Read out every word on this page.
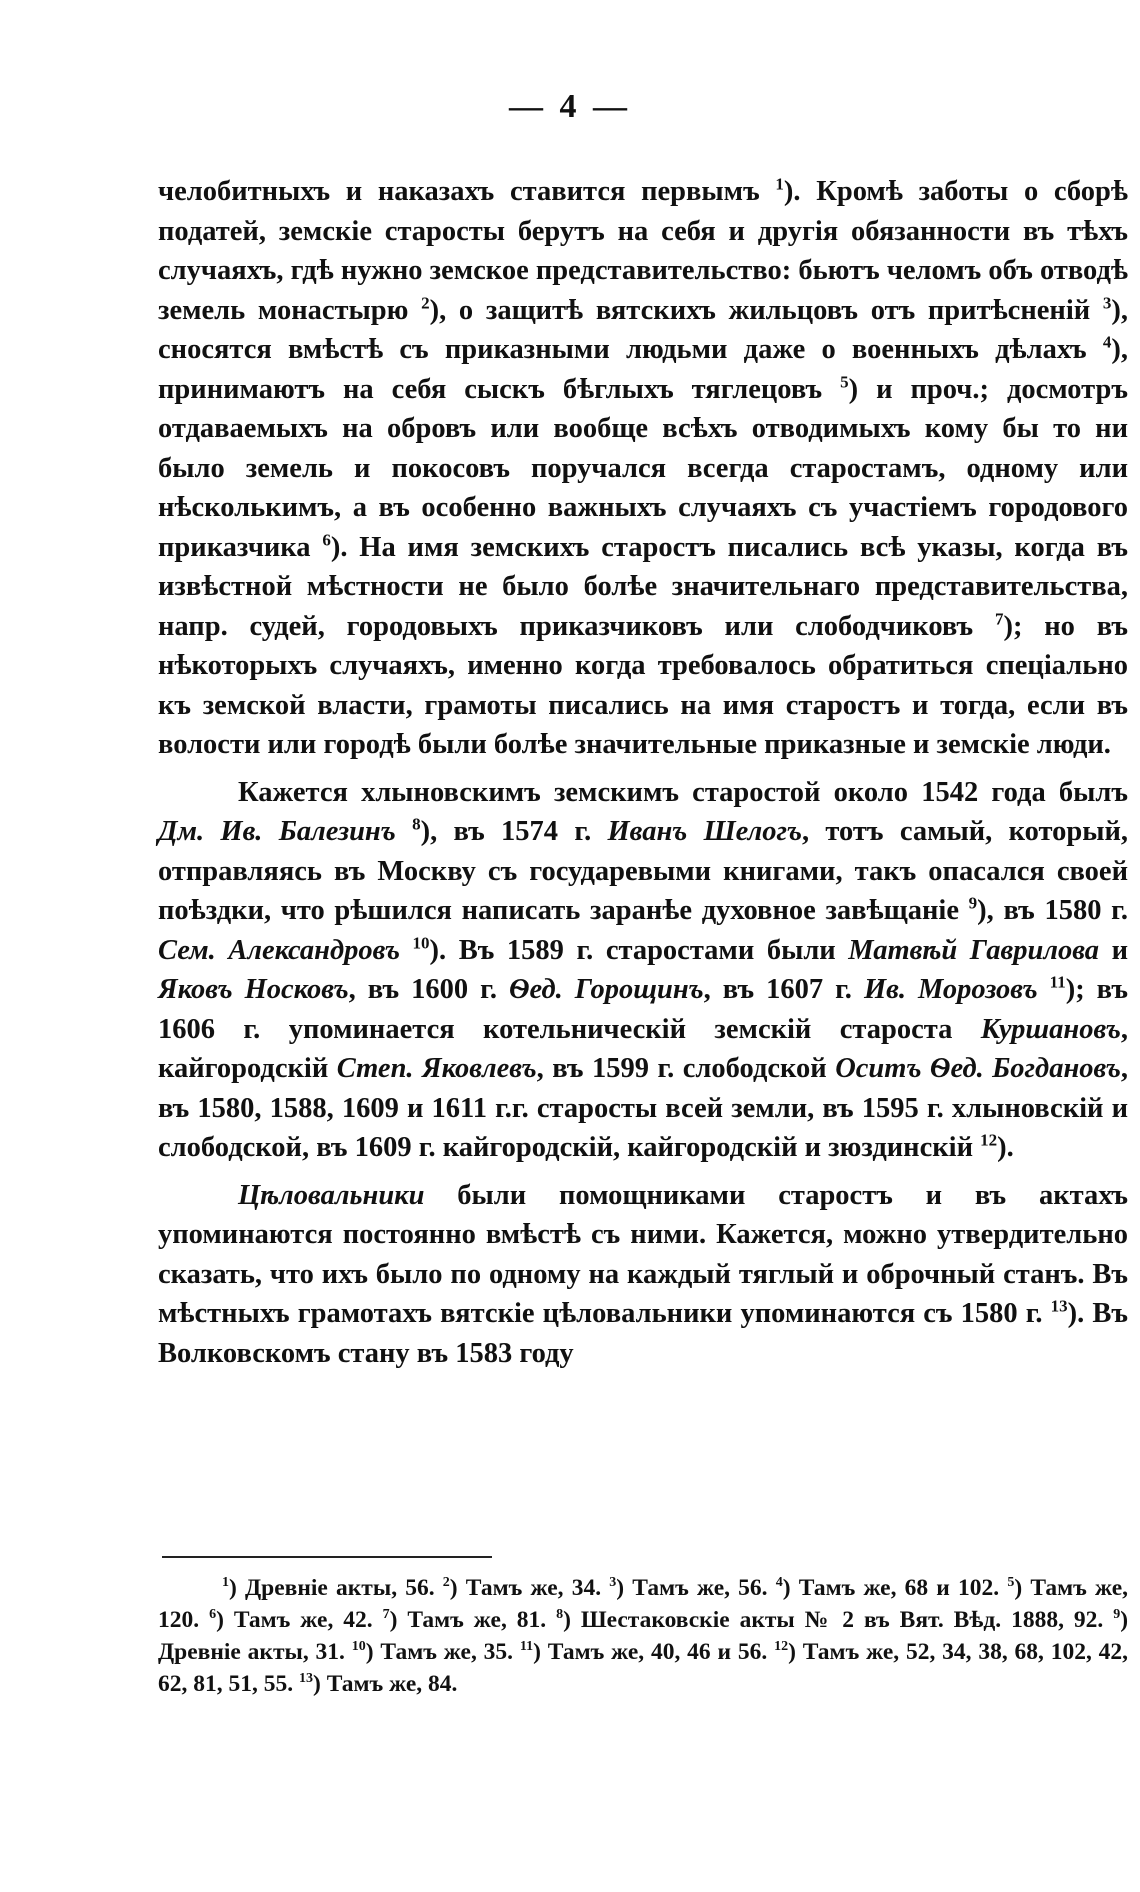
— 4 —

челобитныхъ и наказахъ ставится первымъ $^1$). Кромѣ заботы о сборѣ податей, земскіе старосты берутъ на себя и другія обязанности въ тѣхъ случаяхъ, гдѣ нужно земское представительство: бьютъ челомъ объ отводѣ земель монастырю $^2$), о защитѣ вятскихъ жильцовъ отъ притѣсненій $^3$), сносятся вмѣстѣ съ приказными людьми даже о военныхъ дѣлахъ $^4$), принимаютъ на себя сыскъ бѣглыхъ тяглецовъ $^5$) и проч.; досмотръ отдаваемыхъ на обровъ или вообще всѣхъ отводимыхъ кому бы то ни было земель и покосовъ поручался всегда старостамъ, одному или нѣсколькимъ, а въ особенно важныхъ случаяхъ съ участіемъ городового приказчика $^6$). На имя земскихъ старостъ писались всѣ указы, когда въ извѣстной мѣстности не было болѣе значительнаго представительства, напр. судей, городовыхъ приказчиковъ или слободчиковъ $^7$); но въ нѣкоторыхъ случаяхъ, именно когда требовалось обратиться спеціально къ земской власти, грамоты писались на имя старостъ и тогда, если въ волости или городѣ были болѣе значительные приказные и земскіе люди.

Кажется хлыновскимъ земскимъ старостой около 1542 года былъ Дм. Ив. Балезинъ $^8$), въ 1574 г. Иванъ Шелогъ, тотъ самый, который, отправляясь въ Москву съ государевыми книгами, такъ опасался своей поѣздки, что рѣшился написать заранѣе духовное завѣщаніе $^9$), въ 1580 г. Сем. Александровъ $^{10}$). Въ 1589 г. старостами были Матвѣй Гаврилова и Яковъ Носковъ, въ 1600 г. Ѳед. Горощинъ, въ 1607 г. Ив. Морозовъ $^{11}$); въ 1606 г. упоминается котельническій земскій староста Куршановъ, кайгородскій Степ. Яковлевъ, въ 1599 г. слободской Оситъ Ѳед. Богдановъ, въ 1580, 1588, 1609 и 1611 г.г. старосты всей земли, въ 1595 г. хлыновскій и слободской, въ 1609 г. кайгородскій, кайгородскій и зюздинскій $^{12}$).

Цѣловальники были помощниками старостъ и въ актахъ упоминаются постоянно вмѣстѣ съ ними. Кажется, можно утвердительно сказать, что ихъ было по одному на каждый тяглый и оброчный станъ. Въ мѣстныхъ грамотахъ вятскіе цѣловальники упоминаются съ 1580 г. $^{13}$). Въ Волковскомъ стану въ 1583 году

$^1$) Древніе акты, 56. $^2$) Тамъ же, 34. $^3$) Тамъ же, 56. $^4$) Тамъ же, 68 и 102. $^5$) Тамъ же, 120. $^6$) Тамъ же, 42. $^7$) Тамъ же, 81. $^8$) Шестаковскіе акты № 2 въ Вят. Вѣд. 1888, 92. $^9$) Древніе акты, 31. $^{10}$) Тамъ же, 35. $^{11}$) Тамъ же, 40, 46 и 56. $^{12}$) Тамъ же, 52, 34, 38, 68, 102, 42, 62, 81, 51, 55. $^{13}$) Тамъ же, 84.
